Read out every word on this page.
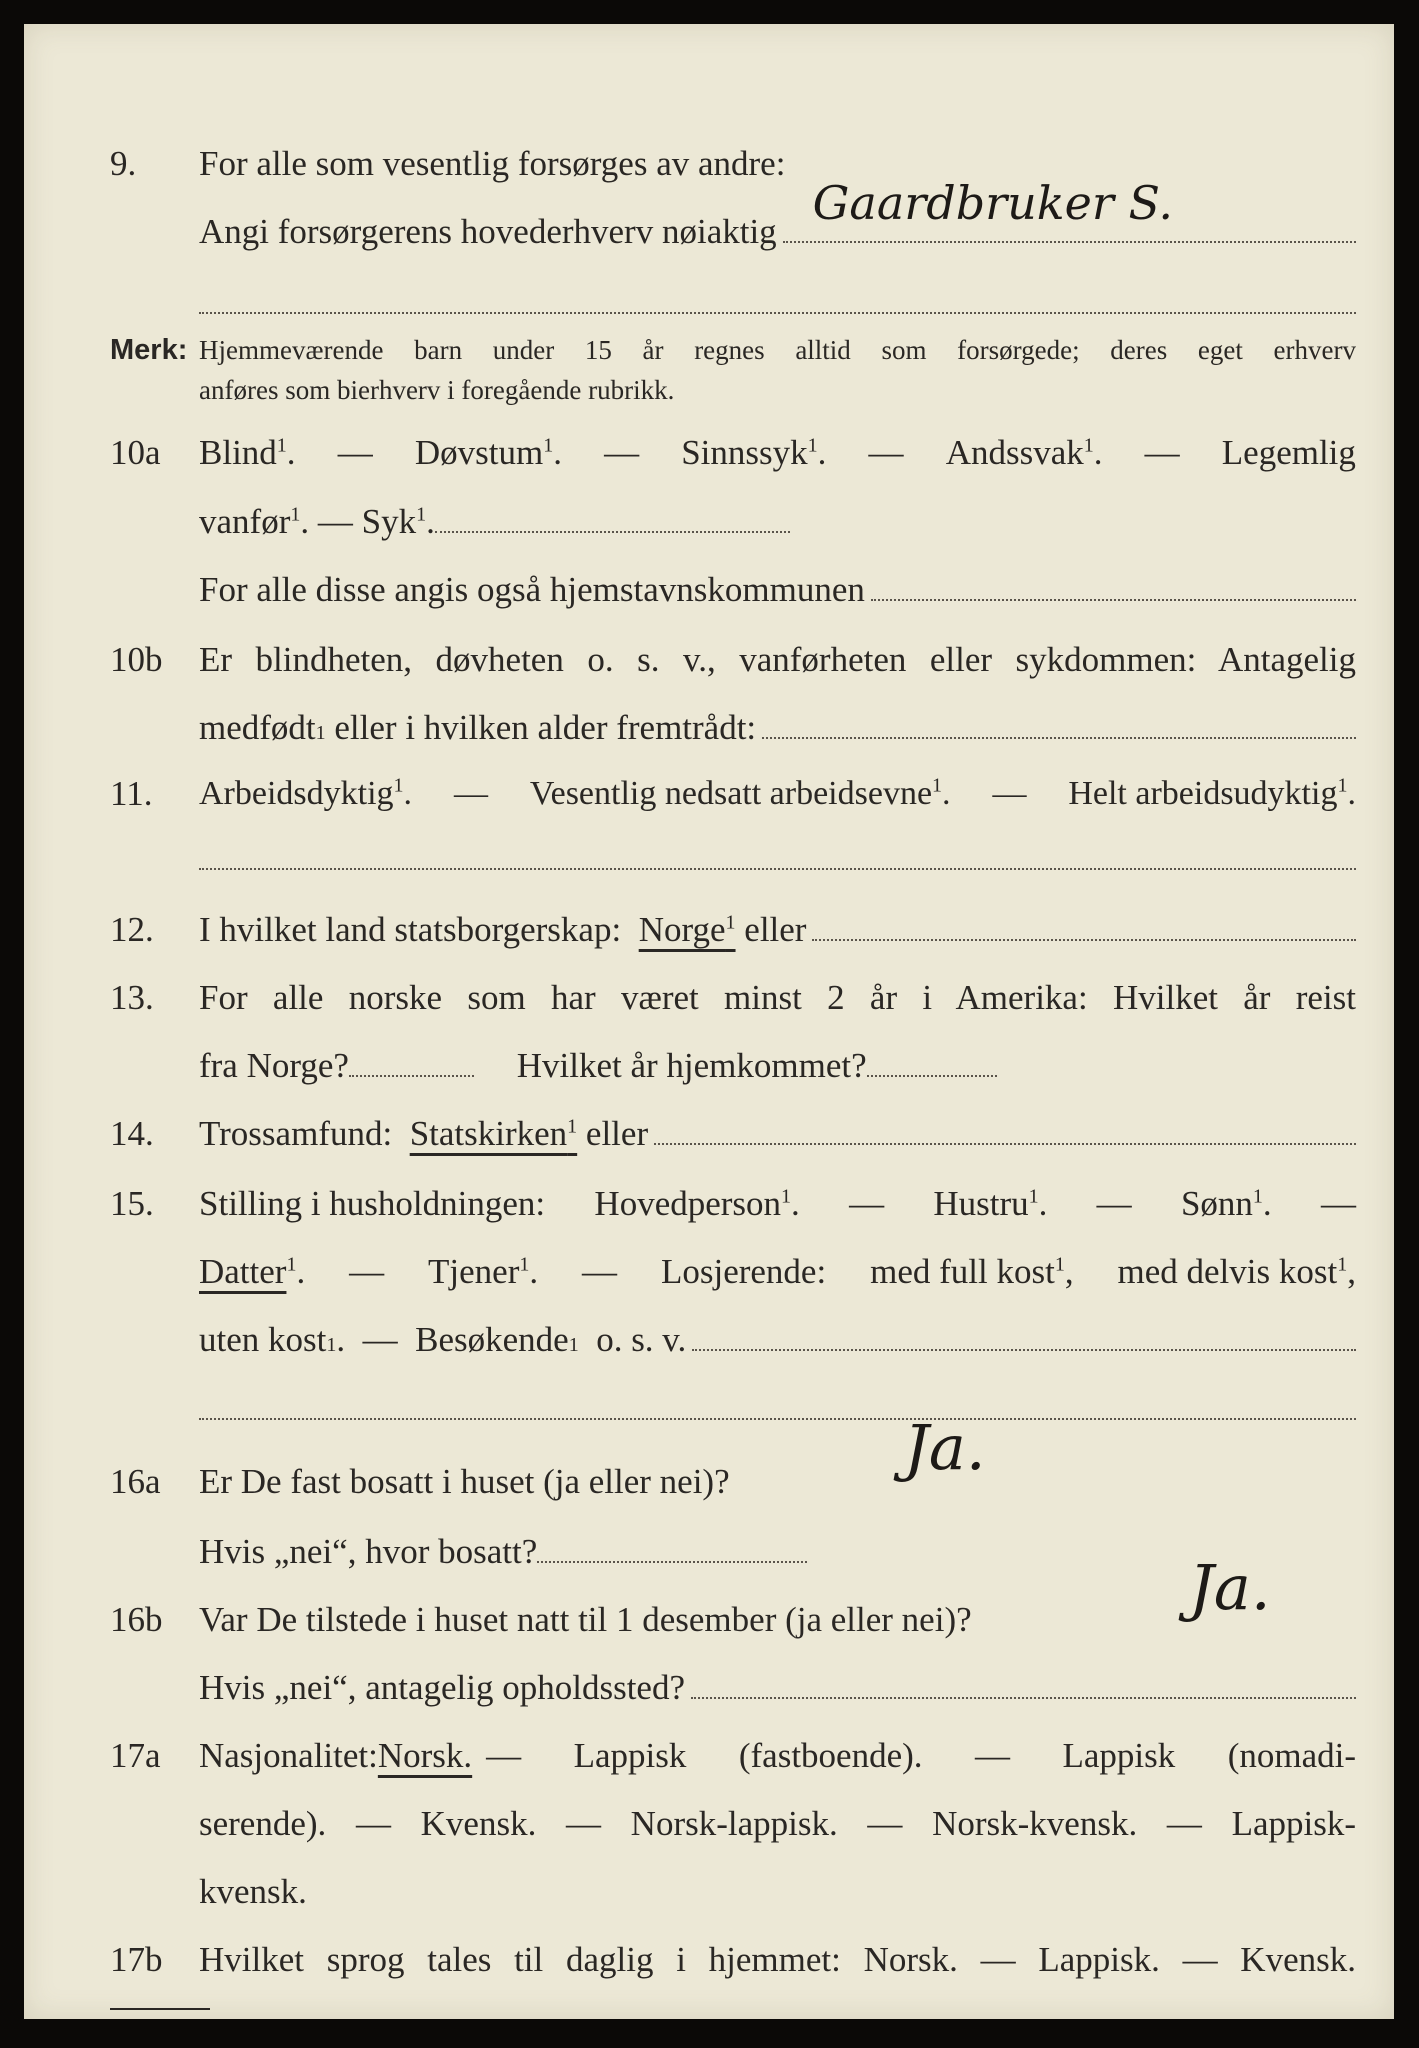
9. For alle som vesentlig forsørges av andre:
Angi forsørgerens hovederhverv nøiaktig
Gaardbruker S.
Merk: Hjemmeværende barn under 15 år regnes alltid som forsørgede; deres eget erhverv
anføres som bierhverv i foregående rubrikk.
10a Blind$^1$. — Døvstum$^1$. — Sinnssyk$^1$. — Andssvak$^1$. — Legemlig
vanfør$^1$. — Syk$^1$.
For alle disse angis også hjemstavnskommunen
10b Er blindheten, døvheten o. s. v., vanførheten eller sykdommen: Antagelig
medfødt 1
eller i hvilken alder fremtrådt:
11. Arbeidsdyktig$^1$. — Vesentlig nedsatt arbeidsevne$^1$. — Helt arbeidsudyktig$^1$.
12. I hvilket land statsborgerskap:
Norge$^1$
eller
13. For alle norske som har været minst 2 år i Amerika: Hvilket år reist
fra Norge?	Hvilket år hjemkommet?
14. Trossamfund:
Statskirken$^1$
eller
15. Stilling i husholdningen: Hovedperson$^1$. — Hustru$^1$. — Sønn$^1$. —
Datter$^1$. — Tjener$^1$. — Losjerende: med full kost$^1$, med delvis kost$^1$,
uten kost 1 . —
Besøkende 1
o. s. v.
16a Er De fast bosatt i huset (ja eller nei)?	Ja.
Hvis „nei“, hvor bosatt?
16b Var De tilstede i huset natt til 1 desember (ja eller nei)?	Ja.
Hvis „nei“, antagelig opholdssted?
17a Nasjonalitet: Norsk. — Lappisk (fastboende). — Lappisk (nomadi-
serende). — Kvensk. — Norsk-lappisk. — Norsk-kvensk. — Lappisk-
kvensk.
17b Hvilket sprog tales til daglig i hjemmet: Norsk. — Lappisk. — Kvensk.
